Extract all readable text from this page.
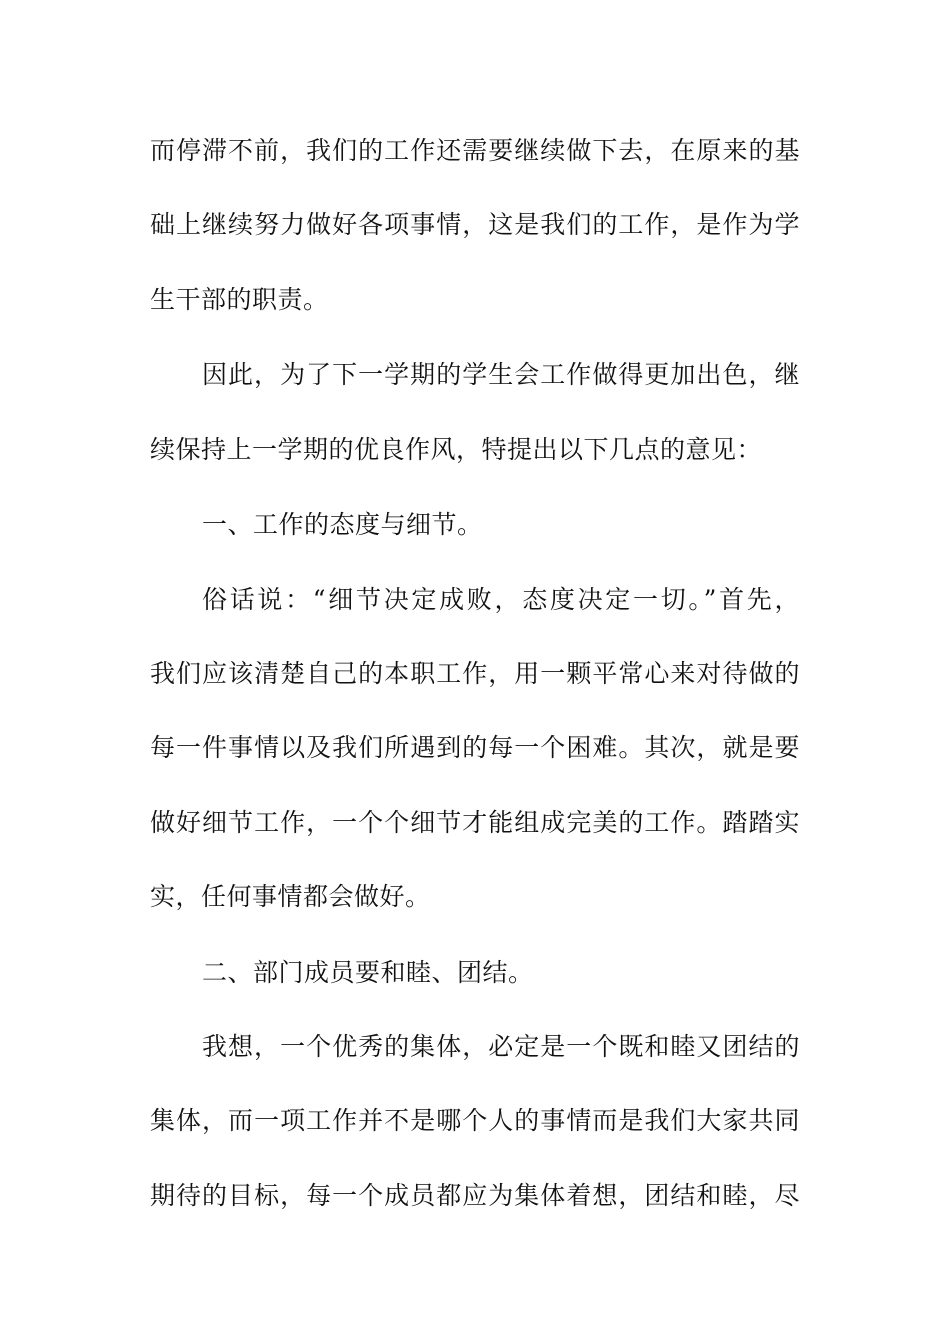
而停滞不前，我们的工作还需要继续做下去，在原来的基
础上继续努力做好各项事情，这是我们的工作，是作为学
生干部的职责。
因此，为了下一学期的学生会工作做得更加出色，继
续保持上一学期的优良作风，特提出以下几点的意见：
一、工作的态度与细节。
俗话说：“细节决定成败，态度决定一切。”首先，
我们应该清楚自己的本职工作，用一颗平常心来对待做的
每一件事情以及我们所遇到的每一个困难。其次，就是要
做好细节工作，一个个细节才能组成完美的工作。踏踏实
实，任何事情都会做好。
二、部门成员要和睦、团结。
我想，一个优秀的集体，必定是一个既和睦又团结的
集体，而一项工作并不是哪个人的事情而是我们大家共同
期待的目标，每一个成员都应为集体着想，团结和睦，尽
